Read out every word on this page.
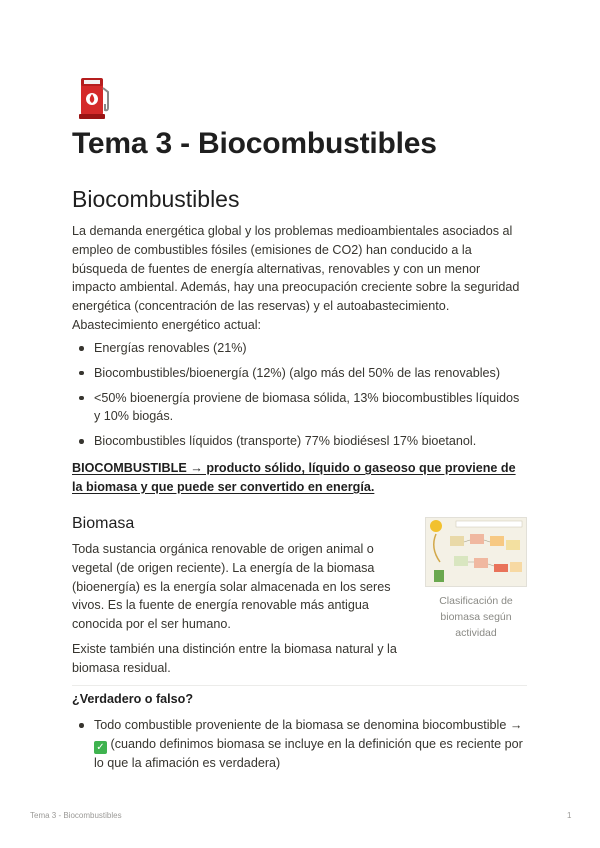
Tema 3 - Biocombustibles
Biocombustibles

La demanda energética global y los problemas medioambientales asociados al empleo de combustibles fósiles (emisiones de CO2) han conducido a la búsqueda de fuentes de energía alternativas, renovables y con un menor impacto ambiental. Además, hay una preocupación creciente sobre la seguridad energética (concentración de las reservas) y el autoabastecimiento. Abastecimiento energético actual:

Energías renovables (21%)
Biocombustibles/bioenergía (12%) (algo más del 50% de las renovables)
<50% bioenergía proviene de biomasa sólida, 13% biocombustibles líquidos y 10% biogás.
Biocombustibles líquidos (transporte) 77% biodiésesl 17% bioetanol.
BIOCOMBUSTIBLE → producto sólido, líquido o gaseoso que proviene de la biomasa y que puede ser convertido en energía.
Biomasa

Toda sustancia orgánica renovable de origen animal o vegetal (de origen reciente). La energía de la biomasa (bioenergía) es la energía solar almacenada en los seres vivos. Es la fuente de energía renovable más antigua conocida por el ser humano.

Existe también una distinción entre la biomasa natural y la biomasa residual.

Clasificación de biomasa según actividad
¿Verdadero o falso?
Todo combustible proveniente de la biomasa se denomina biocombustible → ✓ (cuando definimos biomasa se incluye en la definición que es reciente por lo que la afimación es verdadera)
Tema 3 - Biocombustibles	1
